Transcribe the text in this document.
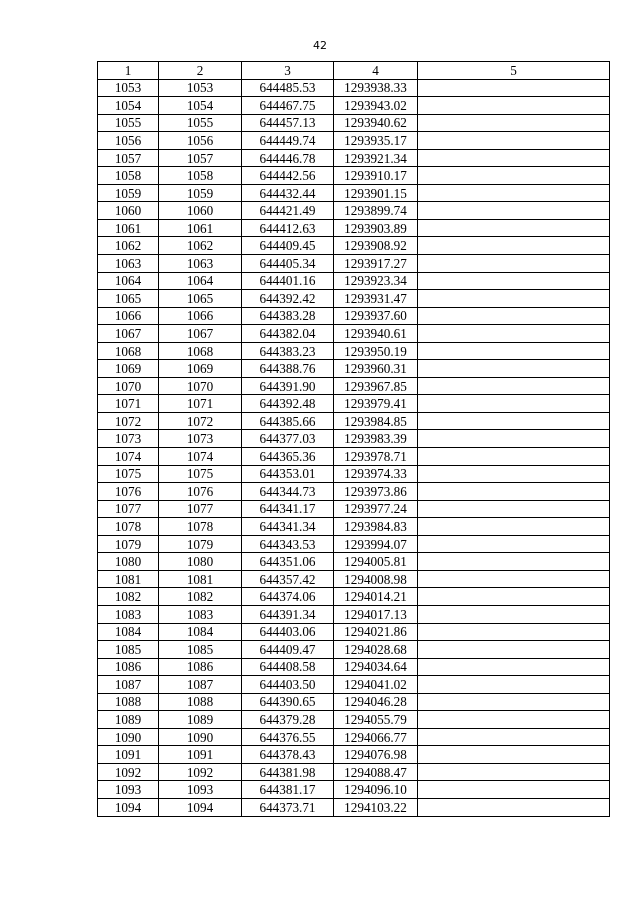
42
1	2	3	4	5
1053	1053	644485.53	1293938.33	
1054	1054	644467.75	1293943.02	
1055	1055	644457.13	1293940.62	
1056	1056	644449.74	1293935.17	
1057	1057	644446.78	1293921.34	
1058	1058	644442.56	1293910.17	
1059	1059	644432.44	1293901.15	
1060	1060	644421.49	1293899.74	
1061	1061	644412.63	1293903.89	
1062	1062	644409.45	1293908.92	
1063	1063	644405.34	1293917.27	
1064	1064	644401.16	1293923.34	
1065	1065	644392.42	1293931.47	
1066	1066	644383.28	1293937.60	
1067	1067	644382.04	1293940.61	
1068	1068	644383.23	1293950.19	
1069	1069	644388.76	1293960.31	
1070	1070	644391.90	1293967.85	
1071	1071	644392.48	1293979.41	
1072	1072	644385.66	1293984.85	
1073	1073	644377.03	1293983.39	
1074	1074	644365.36	1293978.71	
1075	1075	644353.01	1293974.33	
1076	1076	644344.73	1293973.86	
1077	1077	644341.17	1293977.24	
1078	1078	644341.34	1293984.83	
1079	1079	644343.53	1293994.07	
1080	1080	644351.06	1294005.81	
1081	1081	644357.42	1294008.98	
1082	1082	644374.06	1294014.21	
1083	1083	644391.34	1294017.13	
1084	1084	644403.06	1294021.86	
1085	1085	644409.47	1294028.68	
1086	1086	644408.58	1294034.64	
1087	1087	644403.50	1294041.02	
1088	1088	644390.65	1294046.28	
1089	1089	644379.28	1294055.79	
1090	1090	644376.55	1294066.77	
1091	1091	644378.43	1294076.98	
1092	1092	644381.98	1294088.47	
1093	1093	644381.17	1294096.10	
1094	1094	644373.71	1294103.22	
